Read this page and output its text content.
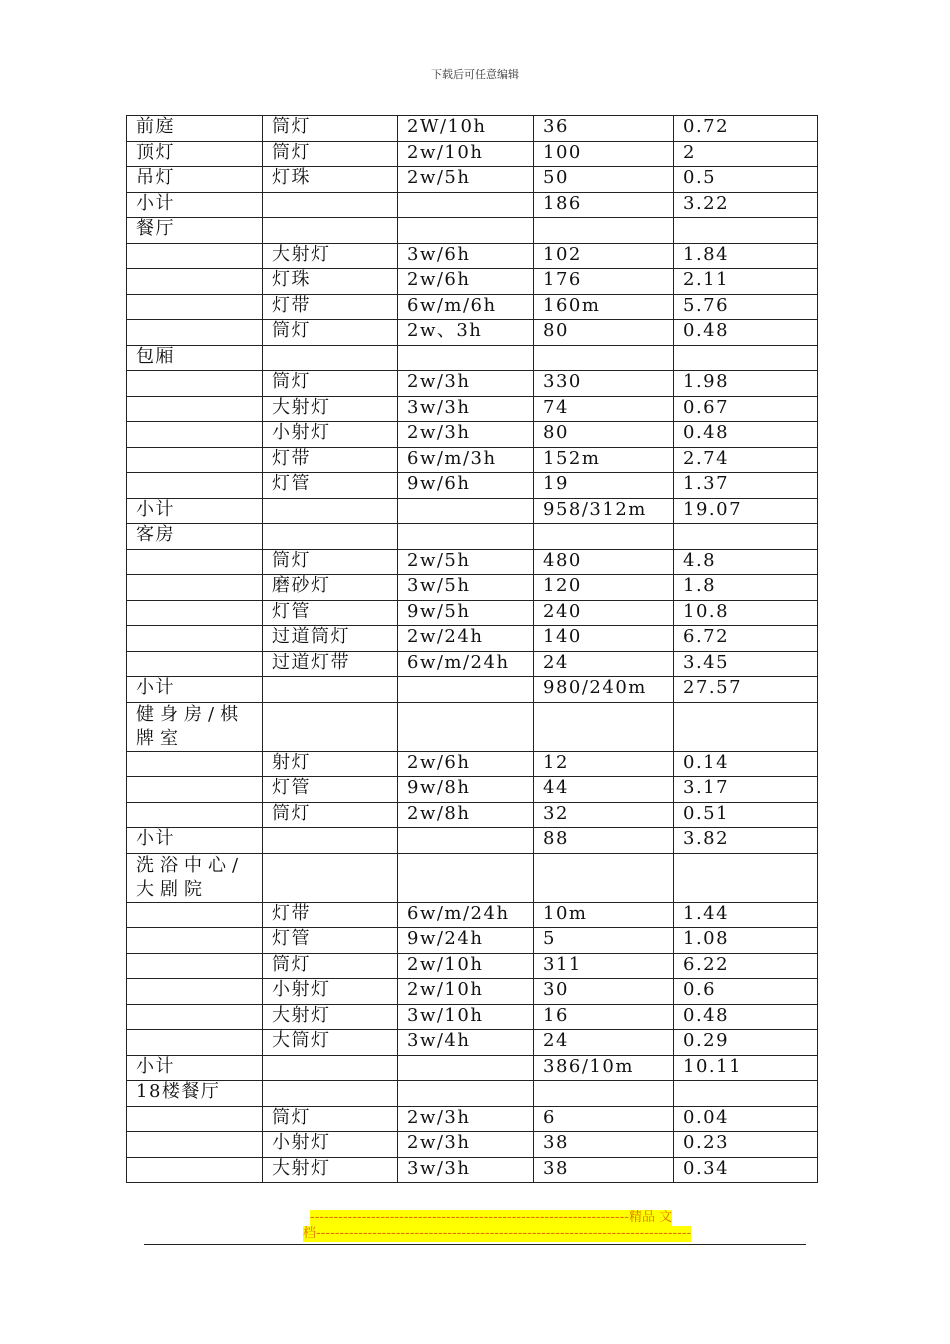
下载后可任意编辑
前庭	筒灯	2W/10h	36	0.72
顶灯	筒灯	2w/10h	100	2
吊灯	灯珠	2w/5h	50	0.5
小计			186	3.22
餐厅				
	大射灯	3w/6h	102	1.84
	灯珠	2w/6h	176	2.11
	灯带	6w/m/6h	160m	5.76
	筒灯	2w、3h	80	0.48
包厢				
	筒灯	2w/3h	330	1.98
	大射灯	3w/3h	74	0.67
	小射灯	2w/3h	80	0.48
	灯带	6w/m/3h	152m	2.74
	灯管	9w/6h	19	1.37
小计			958/312m	19.07
客房				
	筒灯	2w/5h	480	4.8
	磨砂灯	3w/5h	120	1.8
	灯管	9w/5h	240	10.8
	过道筒灯	2w/24h	140	6.72
	过道灯带	6w/m/24h	24	3.45
小计			980/240m	27.57
健身房/棋牌室				
	射灯	2w/6h	12	0.14
	灯管	9w/8h	44	3.17
	筒灯	2w/8h	32	0.51
小计			88	3.82
洗浴中心/大剧院				
	灯带	6w/m/24h	10m	1.44
	灯管	9w/24h	5	1.08
	筒灯	2w/10h	311	6.22
	小射灯	2w/10h	30	0.6
	大射灯	3w/10h	16	0.48
	大筒灯	3w/4h	24	0.29
小计			386/10m	10.11
18楼餐厅				
	筒灯	2w/3h	6	0.04
	小射灯	2w/3h	38	0.23
	大射灯	3w/3h	38	0.34
--------------------------------------------------------------------精品 文
档--------------------------------------------------------------------------------
